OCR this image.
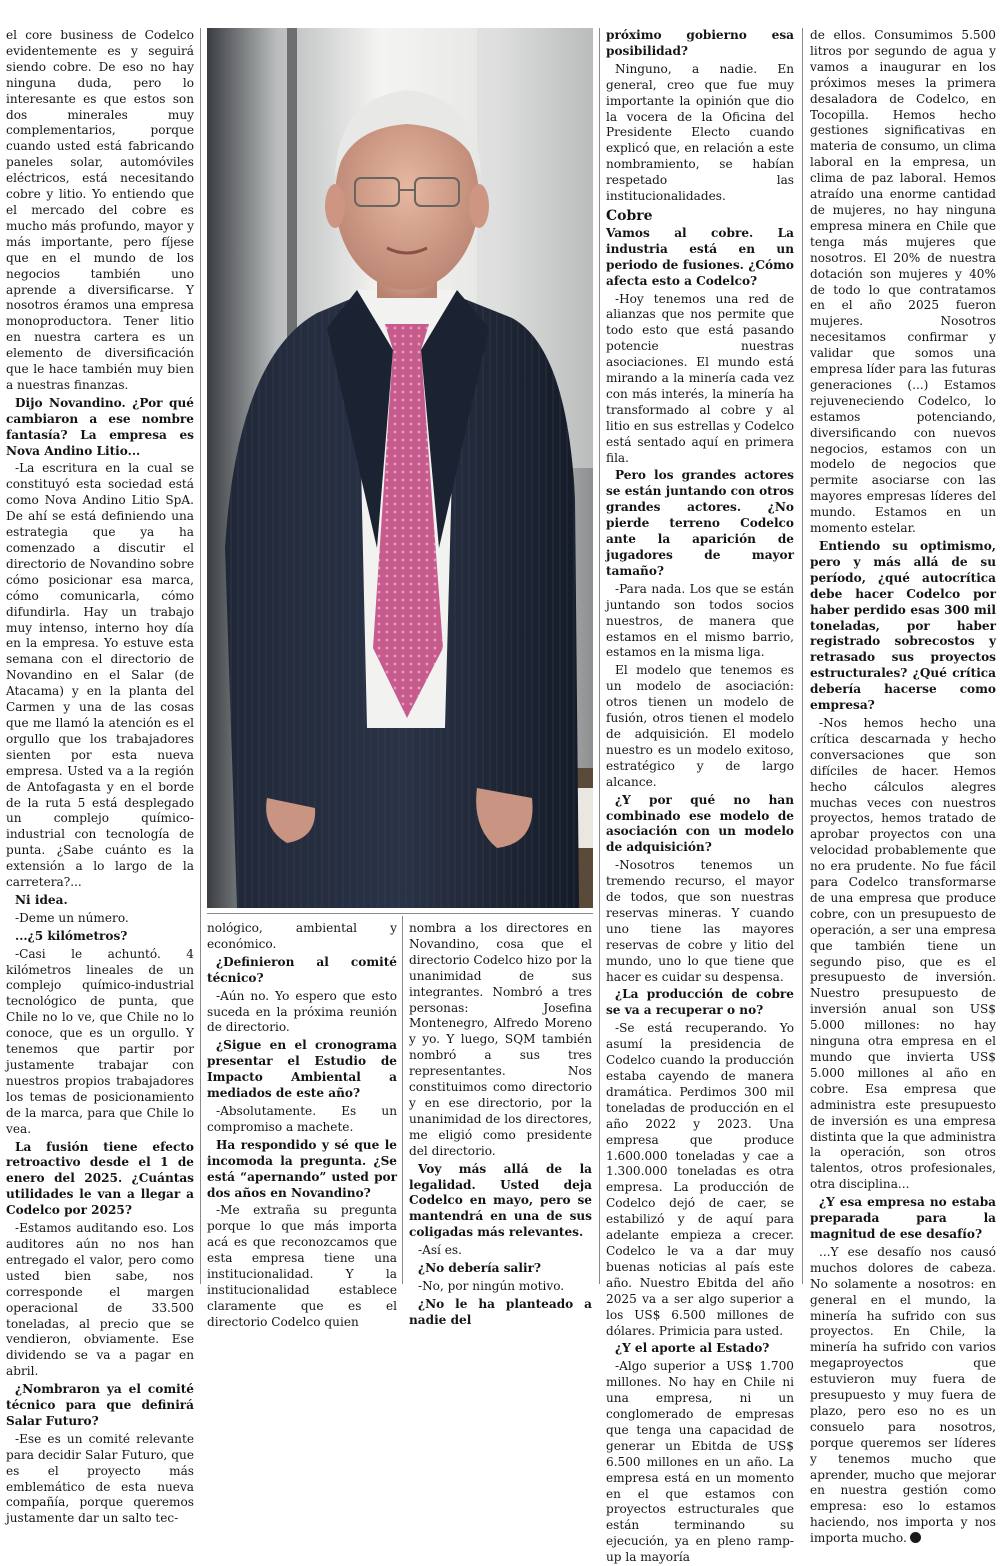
el core business de Codelco evidentemente es y seguirá siendo cobre. De eso no hay ninguna duda, pero lo interesante es que estos son dos minerales muy complementarios, porque cuando usted está fabricando paneles solar, automóviles eléctricos, está necesitando cobre y litio. Yo entiendo que el mercado del cobre es mucho más profundo, mayor y más importante, pero fíjese que en el mundo de los negocios también uno aprende a diversificarse. Y nosotros éramos una empresa monoproductora. Tener litio en nuestra cartera es un elemento de diversificación que le hace también muy bien a nuestras finanzas.

Dijo Novandino. ¿Por qué cambiaron a ese nombre fantasía? La empresa es Nova Andino Litio...

-La escritura en la cual se constituyó esta sociedad está como Nova Andino Litio SpA. De ahí se está definiendo una estrategia que ya ha comenzado a discutir el directorio de Novandino sobre cómo posicionar esa marca, cómo comunicarla, cómo difundirla. Hay un trabajo muy intenso, interno hoy día en la empresa. Yo estuve esta semana con el directorio de Novandino en el Salar (de Atacama) y en la planta del Carmen y una de las cosas que me llamó la atención es el orgullo que los trabajadores sienten por esta nueva empresa. Usted va a la región de Antofagasta y en el borde de la ruta 5 está desplegado un complejo químico-industrial con tecnología de punta. ¿Sabe cuánto es la extensión a lo largo de la carretera?...

Ni idea.

-Deme un número.

...¿5 kilómetros?

-Casi le achuntó. 4 kilómetros lineales de un complejo químico-industrial tecnológico de punta, que Chile no lo ve, que Chile no lo conoce, que es un orgullo. Y tenemos que partir por justamente trabajar con nuestros propios trabajadores los temas de posicionamiento de la marca, para que Chile lo vea.

La fusión tiene efecto retroactivo desde el 1 de enero del 2025. ¿Cuántas utilidades le van a llegar a Codelco por 2025?

-Estamos auditando eso. Los auditores aún no nos han entregado el valor, pero como usted bien sabe, nos corresponde el margen operacional de 33.500 toneladas, al precio que se vendieron, obviamente. Ese dividendo se va a pagar en abril.

¿Nombraron ya el comité técnico para que definirá Salar Futuro?

-Ese es un comité relevante para decidir Salar Futuro, que es el proyecto más emblemático de esta nueva compañía, porque queremos justamente dar un salto tec-

nológico, ambiental y económico.

¿Definieron al comité técnico?

-Aún no. Yo espero que esto suceda en la próxima reunión de directorio.

¿Sigue en el cronograma presentar el Estudio de Impacto Ambiental a mediados de este año?

-Absolutamente. Es un compromiso a machete.

Ha respondido y sé que le incomoda la pregunta. ¿Se está “apernando” usted por dos años en Novandino?

-Me extraña su pregunta porque lo que más importa acá es que reconozcamos que esta empresa tiene una institucionalidad. Y la institucionalidad establece claramente que es el directorio Codelco quien

nombra a los directores en Novandino, cosa que el directorio Codelco hizo por la unanimidad de sus integrantes. Nombró a tres personas: Josefina Montenegro, Alfredo Moreno y yo. Y luego, SQM también nombró a sus tres representantes. Nos constituimos como directorio y en ese directorio, por la unanimidad de los directores, me eligió como presidente del directorio.

Voy más allá de la legalidad. Usted deja Codelco en mayo, pero se mantendrá en una de sus coligadas más relevantes.

-Así es.

¿No debería salir?

-No, por ningún motivo.

¿No le ha planteado a nadie del

próximo gobierno esa posibilidad?

Ninguno, a nadie. En general, creo que fue muy importante la opinión que dio la vocera de la Oficina del Presidente Electo cuando explicó que, en relación a este nombramiento, se habían respetado las institucionalidades.

Cobre

Vamos al cobre. La industria está en un periodo de fusiones. ¿Cómo afecta esto a Codelco?

-Hoy tenemos una red de alianzas que nos permite que todo esto que está pasando potencie nuestras asociaciones. El mundo está mirando a la minería cada vez con más interés, la minería ha transformado al cobre y al litio en sus estrellas y Codelco está sentado aquí en primera fila.

Pero los grandes actores se están juntando con otros grandes actores. ¿No pierde terreno Codelco ante la aparición de jugadores de mayor tamaño?

-Para nada. Los que se están juntando son todos socios nuestros, de manera que estamos en el mismo barrio, estamos en la misma liga.

El modelo que tenemos es un modelo de asociación: otros tienen un modelo de fusión, otros tienen el modelo de adquisición. El modelo nuestro es un modelo exitoso, estratégico y de largo alcance.

¿Y por qué no han combinado ese modelo de asociación con un modelo de adquisición?

-Nosotros tenemos un tremendo recurso, el mayor de todos, que son nuestras reservas mineras. Y cuando uno tiene las mayores reservas de cobre y litio del mundo, uno lo que tiene que hacer es cuidar su despensa.

¿La producción de cobre se va a recuperar o no?

-Se está recuperando. Yo asumí la presidencia de Codelco cuando la producción estaba cayendo de manera dramática. Perdimos 300 mil toneladas de producción en el año 2022 y 2023. Una empresa que produce 1.600.000 toneladas y cae a 1.300.000 toneladas es otra empresa. La producción de Codelco dejó de caer, se estabilizó y de aquí para adelante empieza a crecer. Codelco le va a dar muy buenas noticias al país este año. Nuestro Ebitda del año 2025 va a ser algo superior a los US$ 6.500 millones de dólares. Primicia para usted.

¿Y el aporte al Estado?

-Algo superior a US$ 1.700 millones. No hay en Chile ni una empresa, ni un conglomerado de empresas que tenga una capacidad de generar un Ebitda de US$ 6.500 millones en un año. La empresa está en un momento en el que estamos con proyectos estructurales que están terminando su ejecución, ya en pleno ramp-up la mayoría

de ellos. Consumimos 5.500 litros por segundo de agua y vamos a inaugurar en los próximos meses la primera desaladora de Codelco, en Tocopilla. Hemos hecho gestiones significativas en materia de consumo, un clima laboral en la empresa, un clima de paz laboral. Hemos atraído una enorme cantidad de mujeres, no hay ninguna empresa minera en Chile que tenga más mujeres que nosotros. El 20% de nuestra dotación son mujeres y 40% de todo lo que contratamos en el año 2025 fueron mujeres. Nosotros necesitamos confirmar y validar que somos una empresa líder para las futuras generaciones (...) Estamos rejuveneciendo Codelco, lo estamos potenciando, diversificando con nuevos negocios, estamos con un modelo de negocios que permite asociarse con las mayores empresas líderes del mundo. Estamos en un momento estelar.

Entiendo su optimismo, pero y más allá de su período, ¿qué autocrítica debe hacer Codelco por haber perdido esas 300 mil toneladas, por haber registrado sobrecostos y retrasado sus proyectos estructurales? ¿Qué crítica debería hacerse como empresa?

-Nos hemos hecho una crítica descarnada y hecho conversaciones que son difíciles de hacer. Hemos hecho cálculos alegres muchas veces con nuestros proyectos, hemos tratado de aprobar proyectos con una velocidad probablemente que no era prudente. No fue fácil para Codelco transformarse de una empresa que produce cobre, con un presupuesto de operación, a ser una empresa que también tiene un segundo piso, que es el presupuesto de inversión. Nuestro presupuesto de inversión anual son US$ 5.000 millones: no hay ninguna otra empresa en el mundo que invierta US$ 5.000 millones al año en cobre. Esa empresa que administra este presupuesto de inversión es una empresa distinta que la que administra la operación, son otros talentos, otros profesionales, otra disciplina...

¿Y esa empresa no estaba preparada para la magnitud de ese desafío?

...Y ese desafío nos causó muchos dolores de cabeza. No solamente a nosotros: en general en el mundo, la minería ha sufrido con sus proyectos. En Chile, la minería ha sufrido con varios megaproyectos que estuvieron muy fuera de presupuesto y muy fuera de plazo, pero eso no es un consuelo para nosotros, porque queremos ser líderes y tenemos mucho que aprender, mucho que mejorar en nuestra gestión como empresa: eso lo estamos haciendo, nos importa y nos importa mucho.
